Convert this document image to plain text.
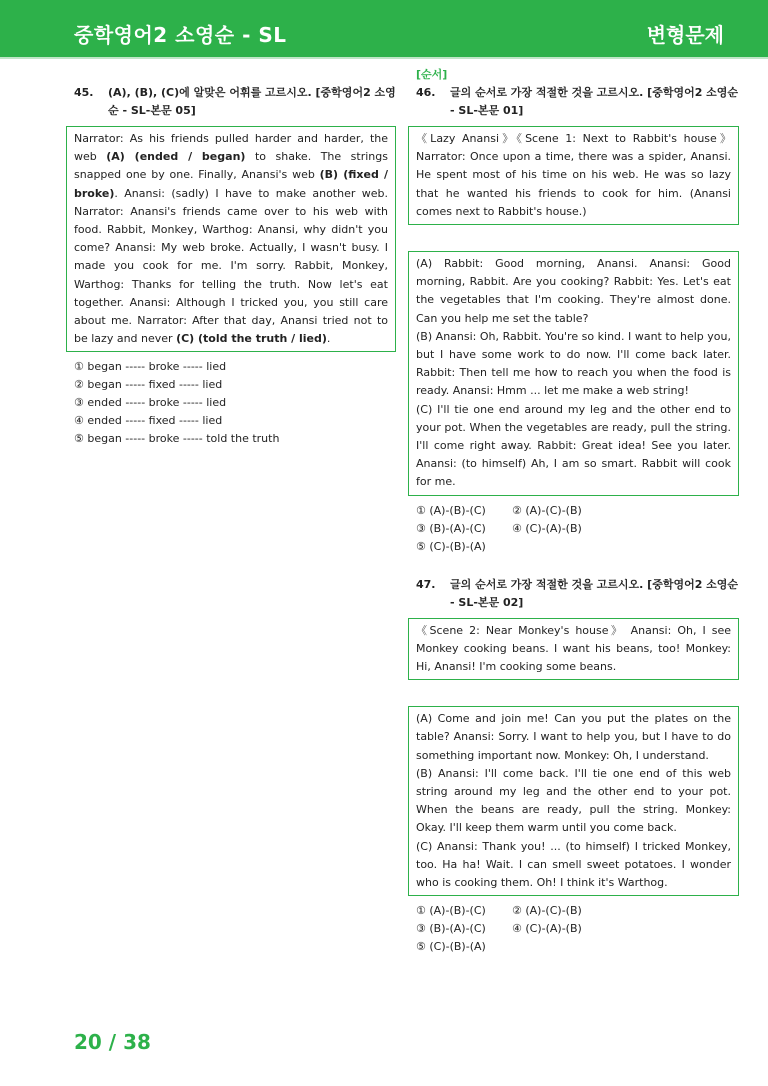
중학영어2 소영순 - SL	변형문제
45. (A), (B), (C)에 알맞은 어휘를 고르시오. [중학영어2 소영순 - SL-본문 05]
Narrator: As his friends pulled harder and harder, the web (A) (ended / began) to shake. The strings snapped one by one. Finally, Anansi's web (B) (fixed / broke). Anansi: (sadly) I have to make another web. Narrator: Anansi's friends came over to his web with food. Rabbit, Monkey, Warthog: Anansi, why didn't you come? Anansi: My web broke. Actually, I wasn't busy. I made you cook for me. I'm sorry. Rabbit, Monkey, Warthog: Thanks for telling the truth. Now let's eat together. Anansi: Although I tricked you, you still care about me. Narrator: After that day, Anansi tried not to be lazy and never (C) (told the truth / lied).
① began ----- broke ----- lied
② began ----- fixed ----- lied
③ ended ----- broke ----- lied
④ ended ----- fixed ----- lied
⑤ began ----- broke ----- told the truth
[순서]
46. 글의 순서로 가장 적절한 것을 고르시오. [중학영어2 소영순 - SL-본문 01]

《Lazy Anansi》《Scene 1: Next to Rabbit's house》 Narrator: Once upon a time, there was a spider, Anansi. He spent most of his time on his web. He was so lazy that he wanted his friends to cook for him. (Anansi comes next to Rabbit's house.)

(A) Rabbit: Good morning, Anansi. Anansi: Good morning, Rabbit. Are you cooking? Rabbit: Yes. Let's eat the vegetables that I'm cooking. They're almost done. Can you help me set the table?

(B) Anansi: Oh, Rabbit. You're so kind. I want to help you, but I have some work to do now. I'll come back later. Rabbit: Then tell me how to reach you when the food is ready. Anansi: Hmm ... let me make a web string!

(C) I'll tie one end around my leg and the other end to your pot. When the vegetables are ready, pull the string. I'll come right away. Rabbit: Great idea! See you later. Anansi: (to himself) Ah, I am so smart. Rabbit will cook for me.

① (A)-(B)-(C)	② (A)-(C)-(B)
③ (B)-(A)-(C)	④ (C)-(A)-(B)
⑤ (C)-(B)-(A)
47. 글의 순서로 가장 적절한 것을 고르시오. [중학영어2 소영순 - SL-본문 02]

《Scene 2: Near Monkey's house》 Anansi: Oh, I see Monkey cooking beans. I want his beans, too! Monkey: Hi, Anansi! I'm cooking some beans.

(A) Come and join me! Can you put the plates on the table? Anansi: Sorry. I want to help you, but I have to do something important now. Monkey: Oh, I understand.

(B) Anansi: I'll come back. I'll tie one end of this web string around my leg and the other end to your pot. When the beans are ready, pull the string. Monkey: Okay. I'll keep them warm until you come back.

(C) Anansi: Thank you! ... (to himself) I tricked Monkey, too. Ha ha! Wait. I can smell sweet potatoes. I wonder who is cooking them. Oh! I think it's Warthog.

① (A)-(B)-(C)	② (A)-(C)-(B)
③ (B)-(A)-(C)	④ (C)-(A)-(B)
⑤ (C)-(B)-(A)
20 / 38
